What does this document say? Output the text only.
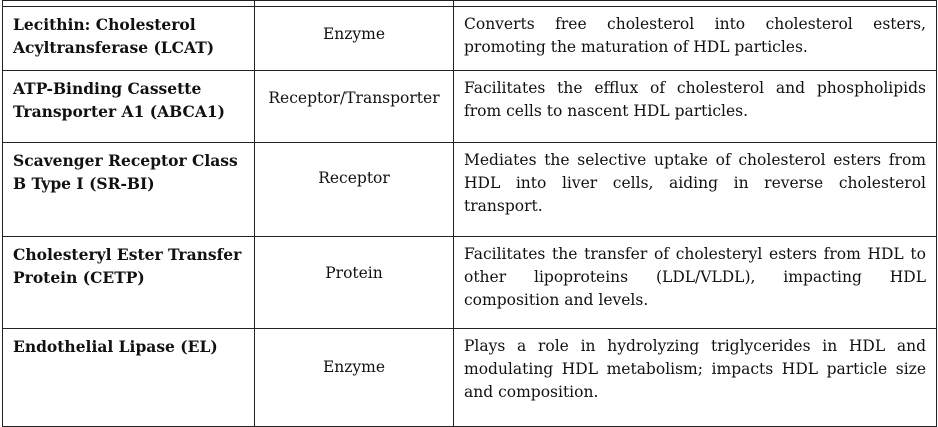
Lecithin: Cholesterol Acyltransferase (LCAT)	Enzyme	Converts free cholesterol into cholesterol esters, promoting the maturation of HDL particles.
ATP-Binding Cassette Transporter A1 (ABCA1)	Receptor/Transporter	Facilitates the efflux of cholesterol and phospholipids from cells to nascent HDL particles.
Scavenger Receptor Class B Type I (SR-BI)	Receptor	Mediates the selective uptake of cholesterol esters from HDL into liver cells, aiding in reverse cholesterol transport.
Cholesteryl Ester Transfer Protein (CETP)	Protein	Facilitates the transfer of cholesteryl esters from HDL to other lipoproteins (LDL/VLDL), impacting HDL composition and levels.
Endothelial Lipase (EL)	Enzyme	Plays a role in hydrolyzing triglycerides in HDL and modulating HDL metabolism; impacts HDL particle size and composition.
